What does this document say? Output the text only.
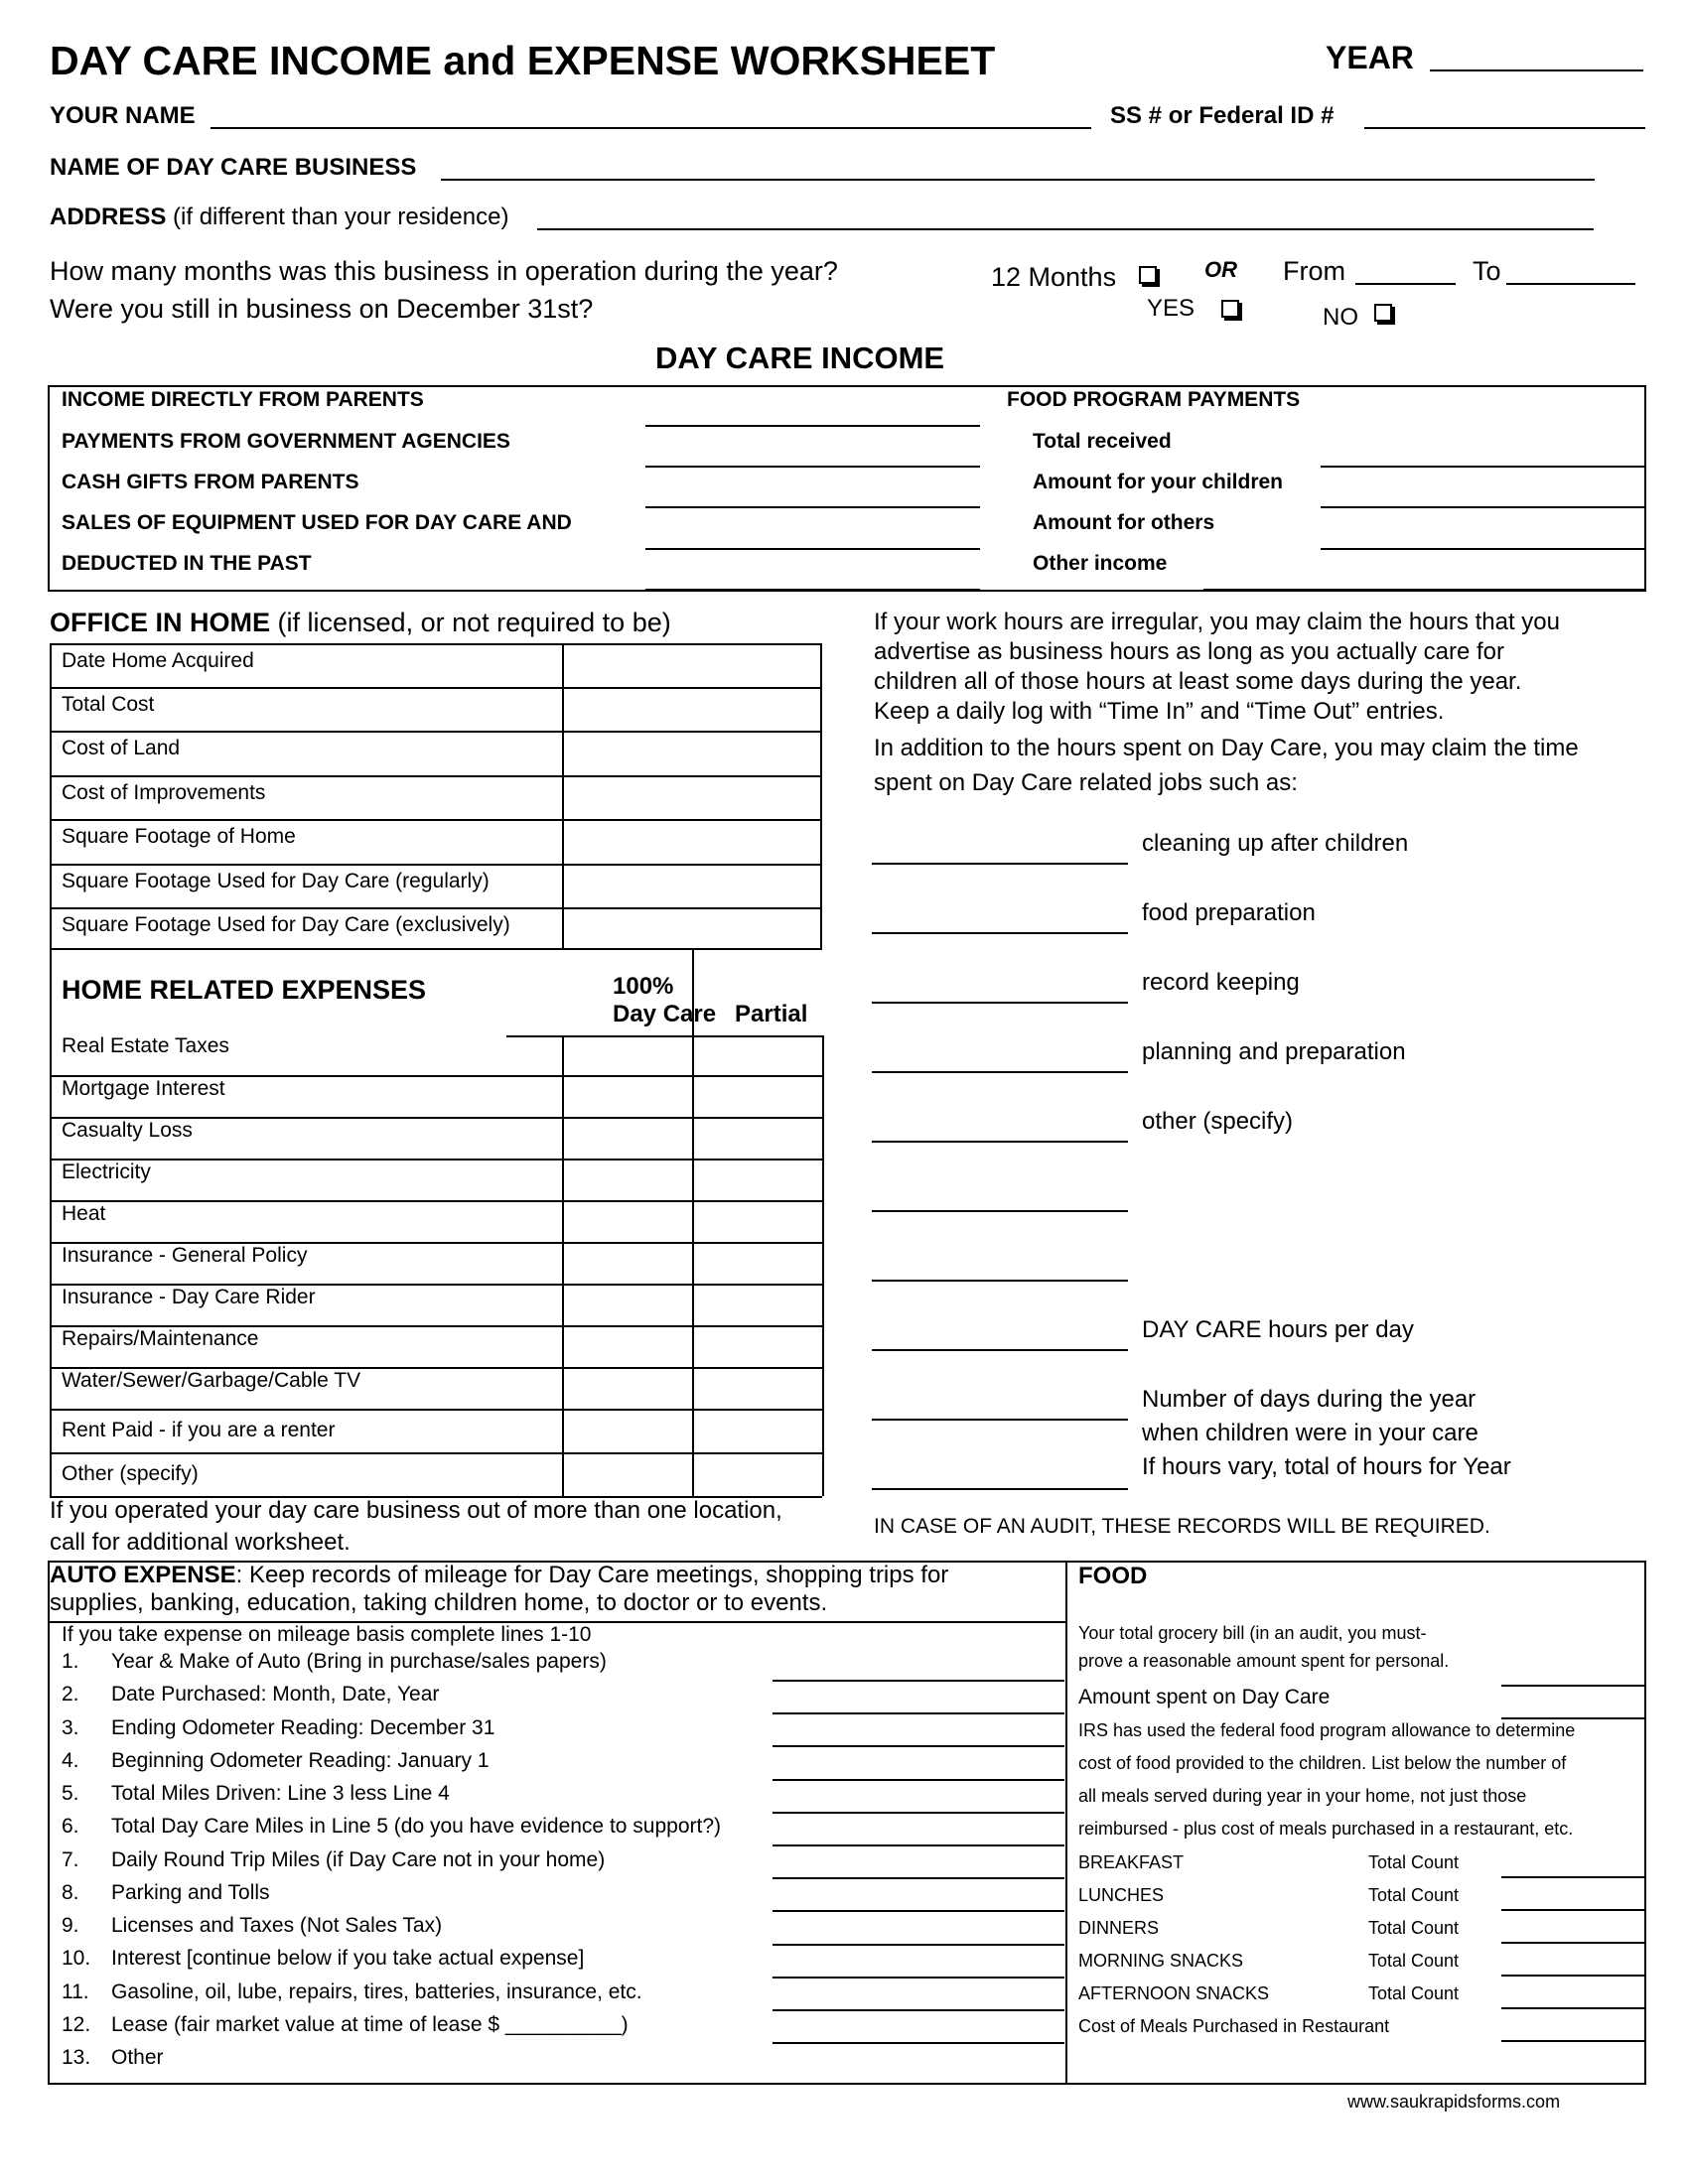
DAY CARE INCOME and EXPENSE WORKSHEET	YEAR
YOUR NAME	SS # or Federal ID #
NAME OF DAY CARE BUSINESS
ADDRESS (if different than your residence)
How many months was this business in operation during the year?
Were you still in business on December 31st?
12 Months	OR From	To
YES	NO
DAY CARE INCOME
INCOME DIRECTLY FROM PARENTS
PAYMENTS FROM GOVERNMENT AGENCIES
CASH GIFTS FROM PARENTS
SALES OF EQUIPMENT USED FOR DAY CARE AND
DEDUCTED IN THE PAST
FOOD PROGRAM PAYMENTS
Total received
Amount for your children
Amount for others
Other income
OFFICE IN HOME (if licensed, or not required to be)
Date Home Acquired
Total Cost
Cost of Land
Cost of Improvements
Square Footage of Home
Square Footage Used for Day Care (regularly)
Square Footage Used for Day Care (exclusively)
HOME RELATED EXPENSES	100%
Day Care Partial
Real Estate Taxes
Mortgage Interest
Casualty Loss
Electricity
Heat
Insurance - General Policy
Insurance - Day Care Rider
Repairs/Maintenance
Water/Sewer/Garbage/Cable TV
Rent Paid - if you are a renter
Other (specify)
If you operated your day care business out of more than one location,
call for additional worksheet.
If your work hours are irregular, you may claim the hours that you
advertise as business hours as long as you actually care for
children all of those hours at least some days during the year.
Keep a daily log with “Time In” and “Time Out” entries.
In addition to the hours spent on Day Care, you may claim the time
spent on Day Care related jobs such as:
cleaning up after children
food preparation
record keeping
planning and preparation
other (specify)
DAY CARE hours per day
Number of days during the year
when children were in your care
If hours vary, total of hours for Year
IN CASE OF AN AUDIT, THESE RECORDS WILL BE REQUIRED.
AUTO EXPENSE: Keep records of mileage for Day Care meetings, shopping trips for
supplies, banking, education, taking children home, to doctor or to events.
If you take expense on mileage basis complete lines 1-10
1. Year & Make of Auto (Bring in purchase/sales papers)
2. Date Purchased: Month, Date, Year
3. Ending Odometer Reading: December 31
4. Beginning Odometer Reading: January 1
5. Total Miles Driven: Line 3 less Line 4
6. Total Day Care Miles in Line 5 (do you have evidence to support?)
7. Daily Round Trip Miles (if Day Care not in your home)
8. Parking and Tolls
9. Licenses and Taxes (Not Sales Tax)
10. Interest [continue below if you take actual expense]
11. Gasoline, oil, lube, repairs, tires, batteries, insurance, etc.
12. Lease (fair market value at time of lease $ __________)
13. Other
FOOD
Your total grocery bill (in an audit, you must-
prove a reasonable amount spent for personal.
Amount spent on Day Care
IRS has used the federal food program allowance to determine
cost of food provided to the children. List below the number of
all meals served during year in your home, not just those
reimbursed - plus cost of meals purchased in a restaurant, etc.
BREAKFAST	Total Count
LUNCHES	Total Count
DINNERS	Total Count
MORNING SNACKS	Total Count
AFTERNOON SNACKS	Total Count
Cost of Meals Purchased in Restaurant
www.saukrapidsforms.com
